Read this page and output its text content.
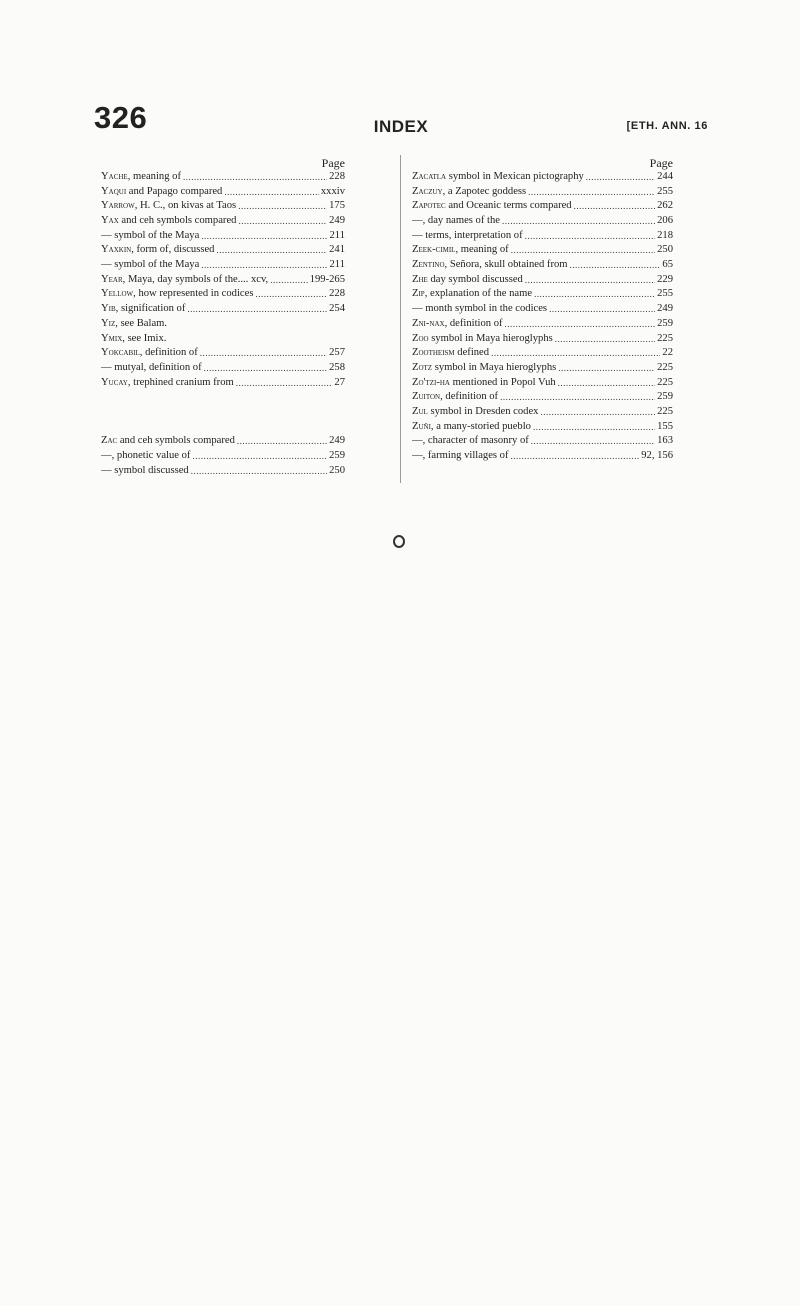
326	INDEX	[ETH. ANN. 16
Page
Yache, meaning of .....	228
Yaqui and Papago compared .....	xxxiv
Yarrow, H. C., on kivas at Taos .....	175
Yax and ceh symbols compared .....	249
— symbol of the Maya .....	211
Yaxkin, form of, discussed .....	241
— symbol of the Maya .....	211
Year, Maya, day symbols of the.... xcv, .....	199-265
Yellow, how represented in codices .....	228
Yib, signification of .....	254
Yiz, see Balam.
Ymix, see Imix.
Yokcabil, definition of .....	257
— mutyal, definition of .....	258
Yucay, trephined cranium from .....	27
Zac and ceh symbols compared .....	249
—, phonetic value of .....	259
— symbol discussed .....	250
Page
Zacatla symbol in Mexican pictography .....	244
Zaczuy, a Zapotec goddess .....	255
Zapotec and Oceanic terms compared .....	262
—, day names of the .....	206
— terms, interpretation of .....	218
Zeek-cimil, meaning of .....	250
Zentino, Señora, skull obtained from .....	65
Zhe day symbol discussed .....	229
Zip, explanation of the name .....	255
— month symbol in the codices .....	249
Zni-nax, definition of .....	259
Zoo symbol in Maya hieroglyphs .....	225
Zootheism defined .....	22
Zotz symbol in Maya hieroglyphs .....	225
Zo'tzi-ha mentioned in Popol Vuh .....	225
Zuiton, definition of .....	259
Zul symbol in Dresden codex .....	225
Zuñi, a many-storied pueblo .....	155
—, character of masonry of .....	163
—, farming villages of .....	92, 156
